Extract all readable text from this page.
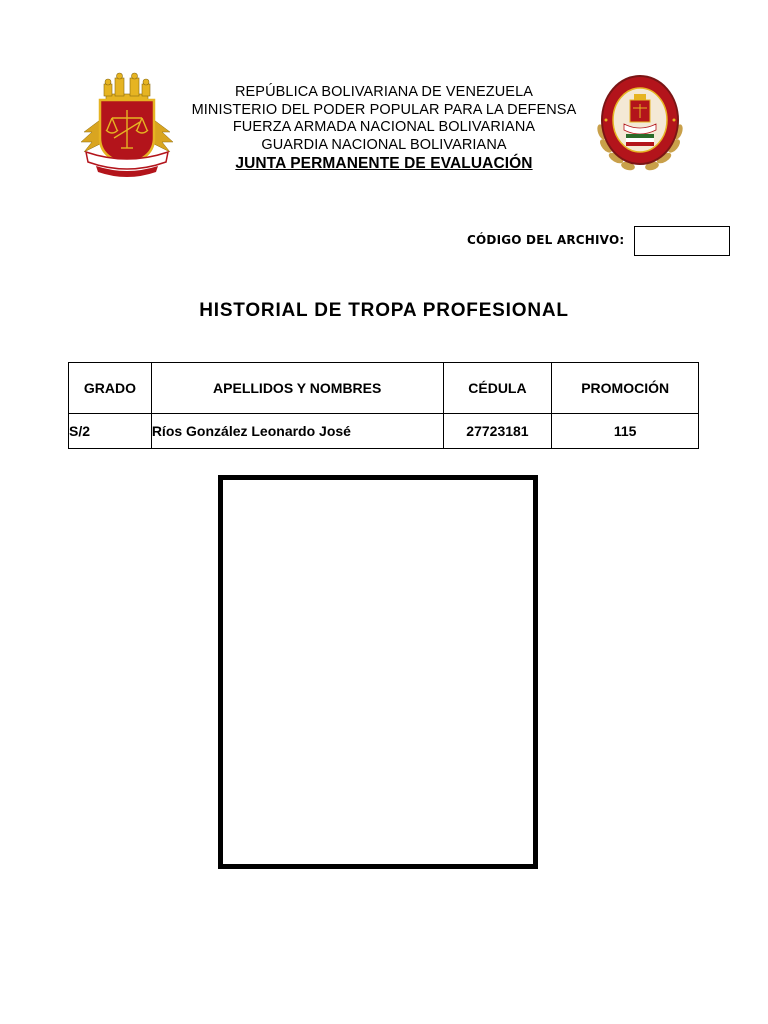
REPÚBLICA BOLIVARIANA DE VENEZUELA
MINISTERIO DEL PODER POPULAR PARA LA DEFENSA
FUERZA ARMADA NACIONAL BOLIVARIANA
GUARDIA NACIONAL BOLIVARIANA
JUNTA PERMANENTE DE EVALUACIÓN
CÓDIGO DEL ARCHIVO:
HISTORIAL DE TROPA PROFESIONAL
GRADO	APELLIDOS Y NOMBRES	CÉDULA	PROMOCIÓN
S/2	Ríos González Leonardo José	27723181	115
